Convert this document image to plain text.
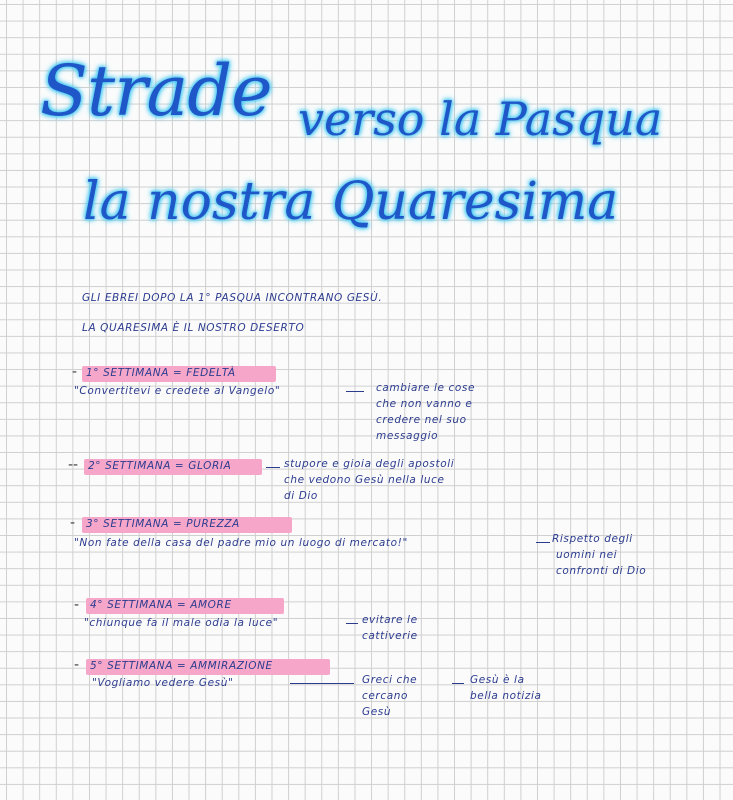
Strade verso la Pasqua
la nostra Quaresima
GLI EBREI DOPO LA 1° PASQUA INCONTRANO GESÙ.
LA QUARESIMA È IL NOSTRO DESERTO
- 1° SETTIMANA = FEDELTÀ
"Convertitevi e credete al Vangelo"	cambiare le cose
che non vanno e
credere nel suo
messaggio
-- 2° SETTIMANA = GLORIA	stupore e gioia degli apostoli
che vedono Gesù nella luce
di Dio
- 3° SETTIMANA = PUREZZA
"Non fate della casa del padre mio un luogo di mercato!"	Rispetto degli
uomini nei
confronti di Dio
- 4° SETTIMANA = AMORE
"chiunque fa il male odia la luce"	evitare le
cattiverie
- 5° SETTIMANA = AMMIRAZIONE
"Vogliamo vedere Gesù"	Greci che
cercano
Gesù
Gesù è la
bella notizia
